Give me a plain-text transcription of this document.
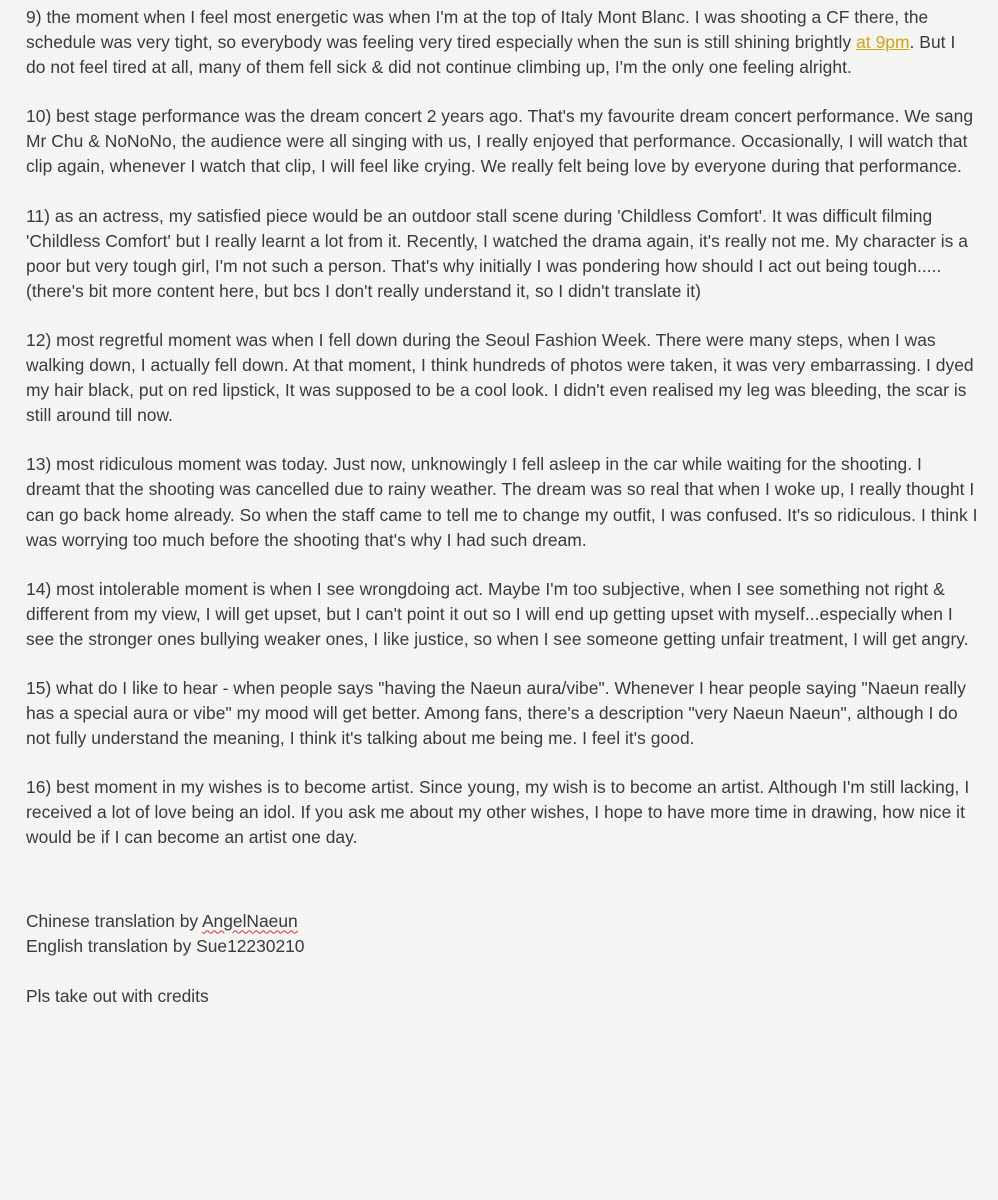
9) the moment when I feel most energetic was when I'm at the top of Italy Mont Blanc. I was shooting a CF there, the schedule was very tight, so everybody was feeling very tired especially when the sun is still shining brightly at 9pm. But I do not feel tired at all, many of them fell sick & did not continue climbing up, I'm the only one feeling alright.

10) best stage performance was the dream concert 2 years ago. That's my favourite dream concert performance. We sang Mr Chu & NoNoNo, the audience were all singing with us, I really enjoyed that performance. Occasionally, I will watch that clip again, whenever I watch that clip, I will feel like crying. We really felt being love by everyone during that performance.

11) as an actress, my satisfied piece would be an outdoor stall scene during 'Childless Comfort'. It was difficult filming 'Childless Comfort' but I really learnt a lot from it. Recently, I watched the drama again, it's really not me. My character is a poor but very tough girl, I'm not such a person. That's why initially I was pondering how should I act out being tough.....(there's bit more content here, but bcs I don't really understand it, so I didn't translate it)

12) most regretful moment was when I fell down during the Seoul Fashion Week. There were many steps, when I was walking down, I actually fell down. At that moment, I think hundreds of photos were taken, it was very embarrassing. I dyed my hair black, put on red lipstick, It was supposed to be a cool look. I didn't even realised my leg was bleeding, the scar is still around till now.

13) most ridiculous moment was today. Just now, unknowingly I fell asleep in the car while waiting for the shooting. I dreamt that the shooting was cancelled due to rainy weather. The dream was so real that when I woke up, I really thought I can go back home already. So when the staff came to tell me to change my outfit, I was confused. It's so ridiculous. I think I was worrying too much before the shooting that's why I had such dream.

14) most intolerable moment is when I see wrongdoing act. Maybe I'm too subjective, when I see something not right & different from my view, I will get upset, but I can't point it out so I will end up getting upset with myself...especially when I see the stronger ones bullying weaker ones, I like justice, so when I see someone getting unfair treatment, I will get angry.

15) what do I like to hear - when people says "having the Naeun aura/vibe". Whenever I hear people saying "Naeun really has a special aura or vibe" my mood will get better. Among fans, there's a description "very Naeun Naeun", although I do not fully understand the meaning, I think it's talking about me being me. I feel it's good.

16) best moment in my wishes is to become artist. Since young, my wish is to become an artist. Although I'm still lacking, I received a lot of love being an idol. If you ask me about my other wishes, I hope to have more time in drawing, how nice it would be if I can become an artist one day.

Chinese translation by AngelNaeun
English translation by Sue12230210
Pls take out with credits
